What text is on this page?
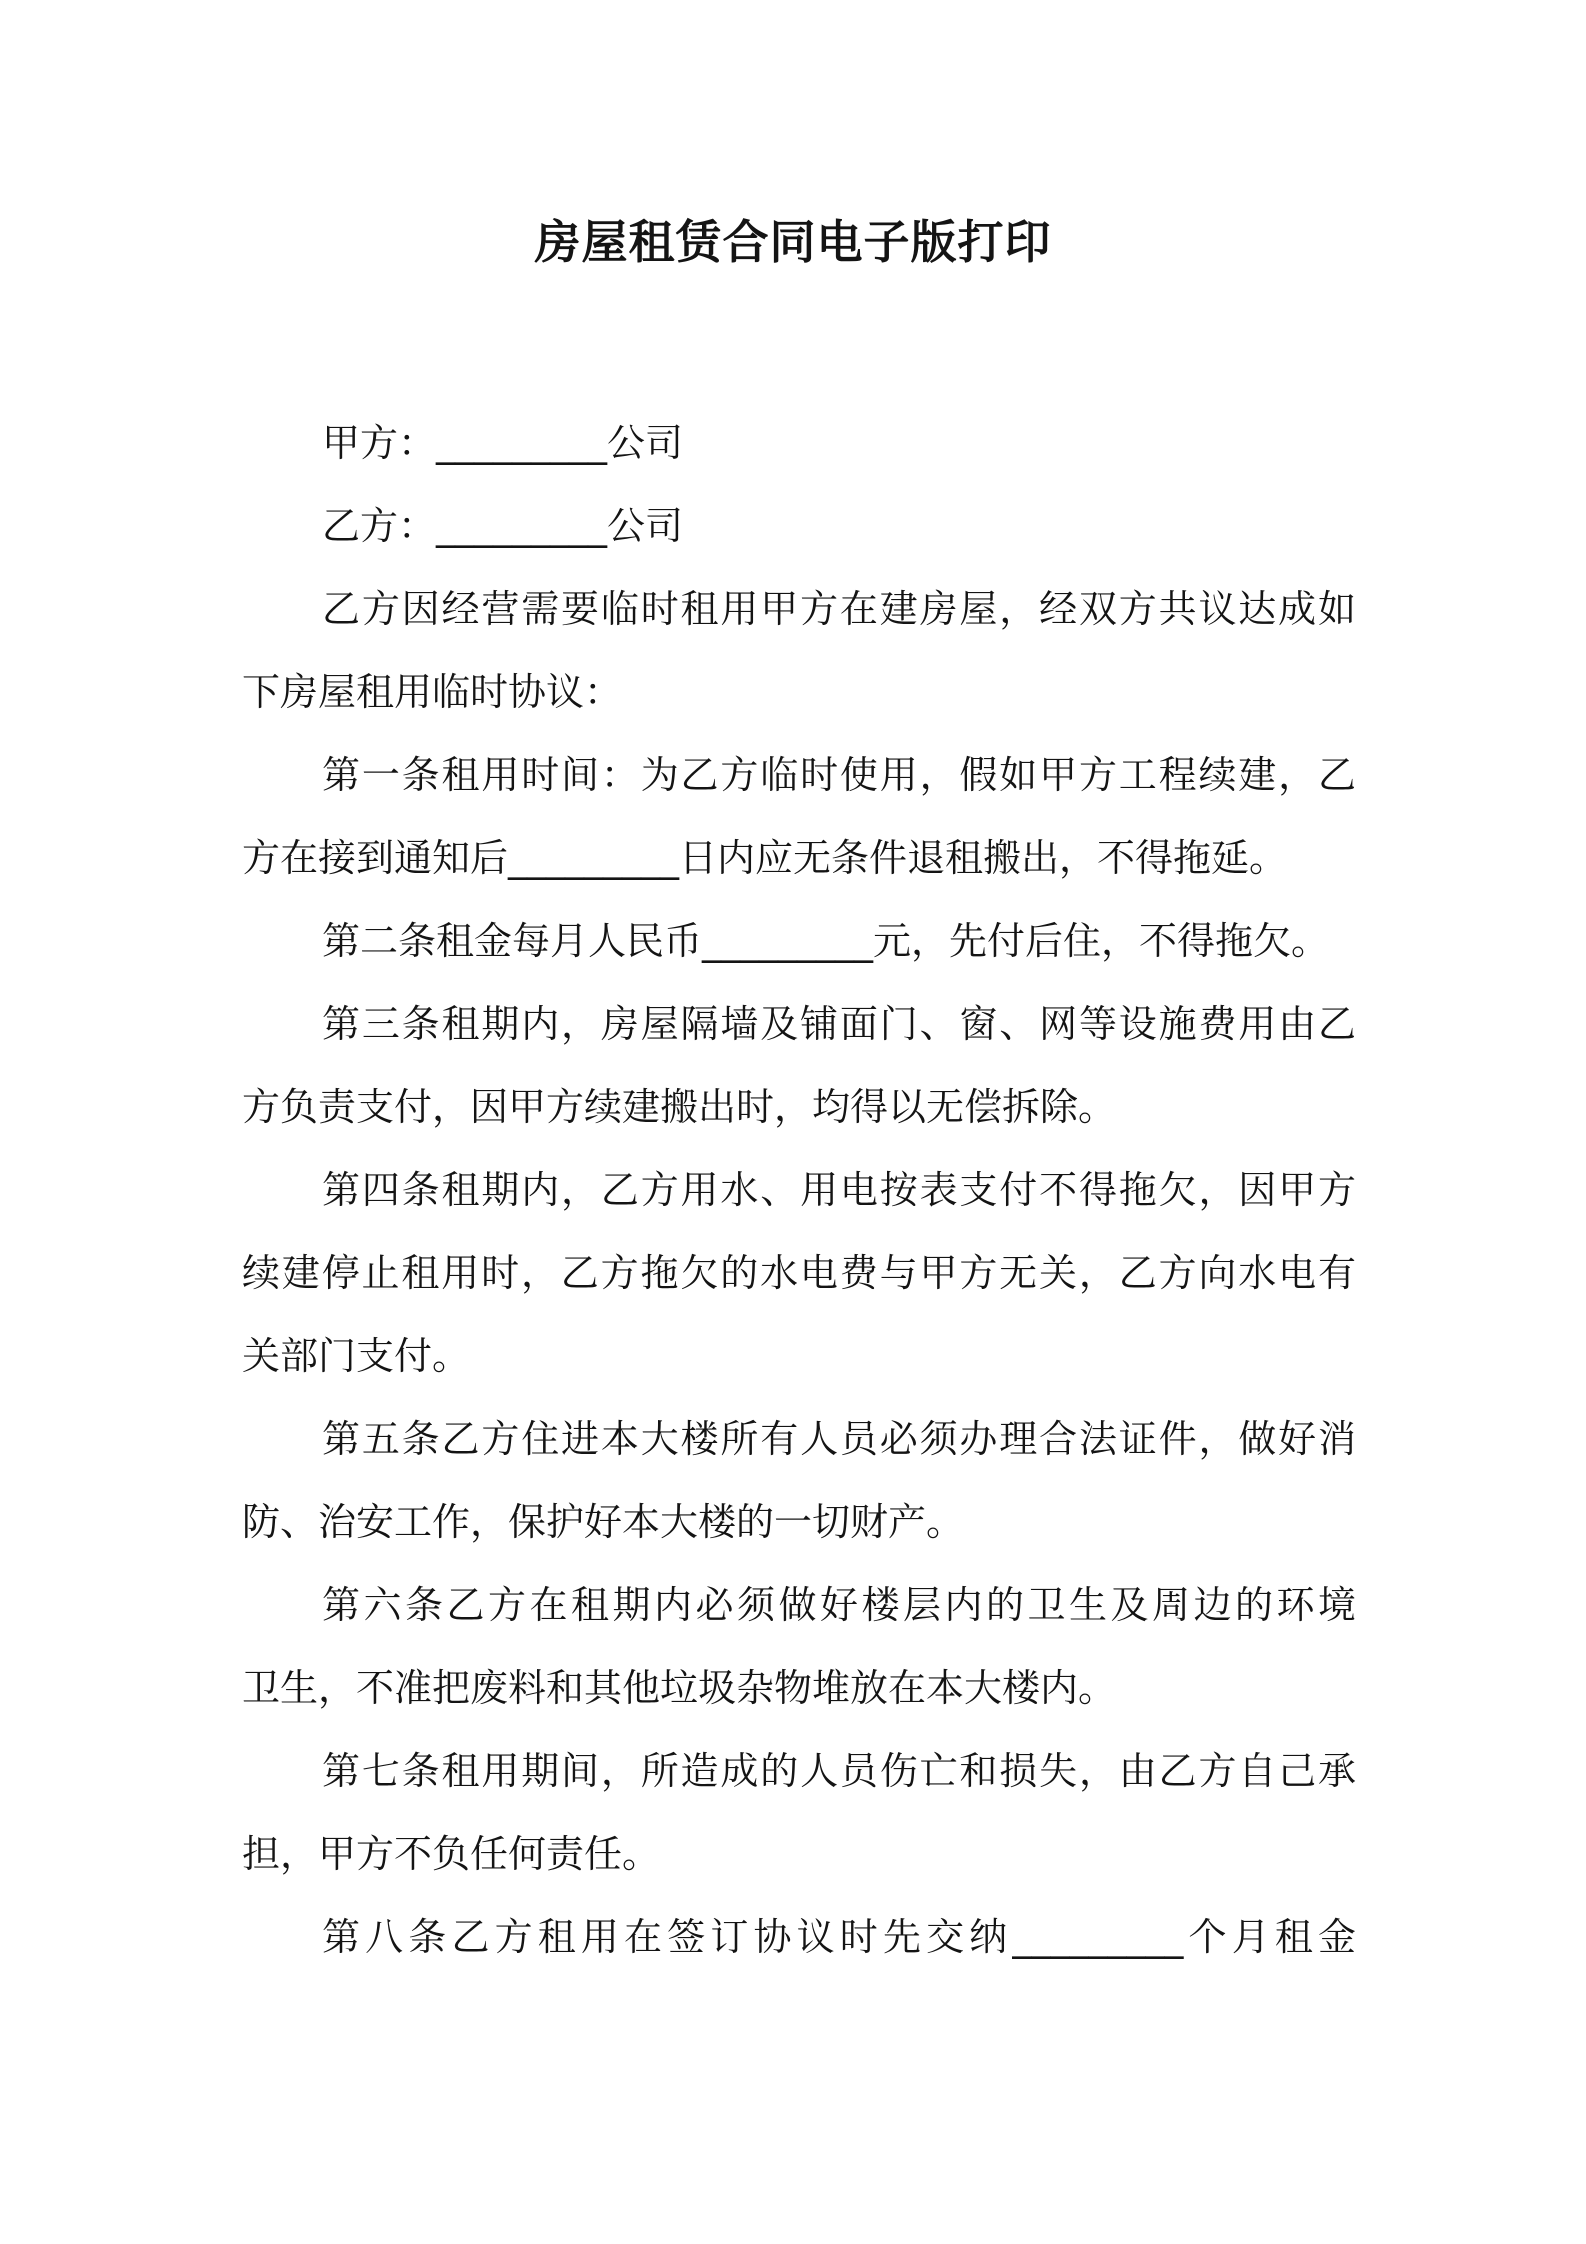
房屋租赁合同电子版打印
甲方：_________公司
乙方：_________公司
乙方因经营需要临时租用甲方在建房屋，经双方共议达成如
下房屋租用临时协议：
第一条租用时间：为乙方临时使用，假如甲方工程续建，乙
方在接到通知后_________日内应无条件退租搬出，不得拖延。
第二条租金每月人民币_________元，先付后住，不得拖欠。
第三条租期内，房屋隔墙及铺面门、窗、网等设施费用由乙
方负责支付，因甲方续建搬出时，均得以无偿拆除。
第四条租期内，乙方用水、用电按表支付不得拖欠，因甲方
续建停止租用时，乙方拖欠的水电费与甲方无关，乙方向水电有
关部门支付。
第五条乙方住进本大楼所有人员必须办理合法证件，做好消
防、治安工作，保护好本大楼的一切财产。
第六条乙方在租期内必须做好楼层内的卫生及周边的环境
卫生，不准把废料和其他垃圾杂物堆放在本大楼内。
第七条租用期间，所造成的人员伤亡和损失，由乙方自己承
担，甲方不负任何责任。
第八条乙方租用在签订协议时先交纳_________个月租金
